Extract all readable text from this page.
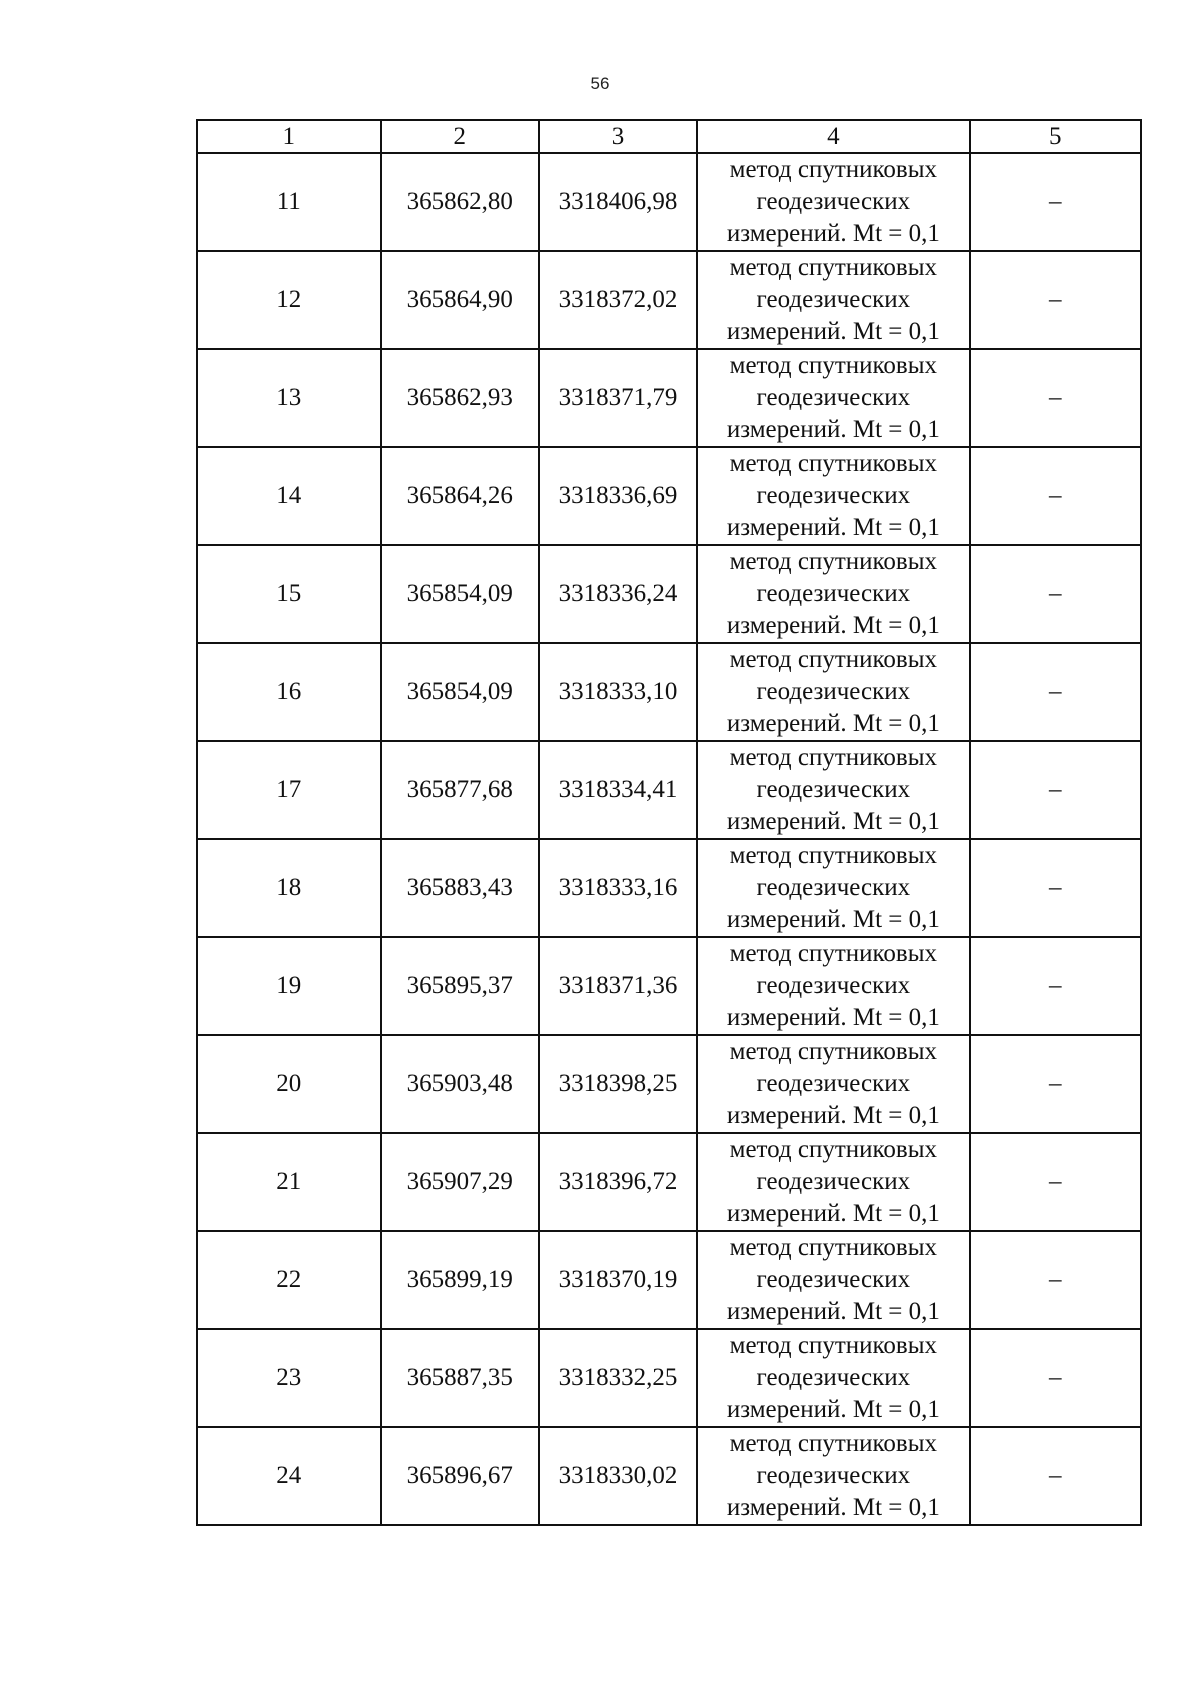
56
1	2	3	4	5
11	365862,80	3318406,98	метод спутниковых геодезических измерений. Mt = 0,1	–
12	365864,90	3318372,02	метод спутниковых геодезических измерений. Mt = 0,1	–
13	365862,93	3318371,79	метод спутниковых геодезических измерений. Mt = 0,1	–
14	365864,26	3318336,69	метод спутниковых геодезических измерений. Mt = 0,1	–
15	365854,09	3318336,24	метод спутниковых геодезических измерений. Mt = 0,1	–
16	365854,09	3318333,10	метод спутниковых геодезических измерений. Mt = 0,1	–
17	365877,68	3318334,41	метод спутниковых геодезических измерений. Mt = 0,1	–
18	365883,43	3318333,16	метод спутниковых геодезических измерений. Mt = 0,1	–
19	365895,37	3318371,36	метод спутниковых геодезических измерений. Mt = 0,1	–
20	365903,48	3318398,25	метод спутниковых геодезических измерений. Mt = 0,1	–
21	365907,29	3318396,72	метод спутниковых геодезических измерений. Mt = 0,1	–
22	365899,19	3318370,19	метод спутниковых геодезических измерений. Mt = 0,1	–
23	365887,35	3318332,25	метод спутниковых геодезических измерений. Mt = 0,1	–
24	365896,67	3318330,02	метод спутниковых геодезических измерений. Mt = 0,1	–
